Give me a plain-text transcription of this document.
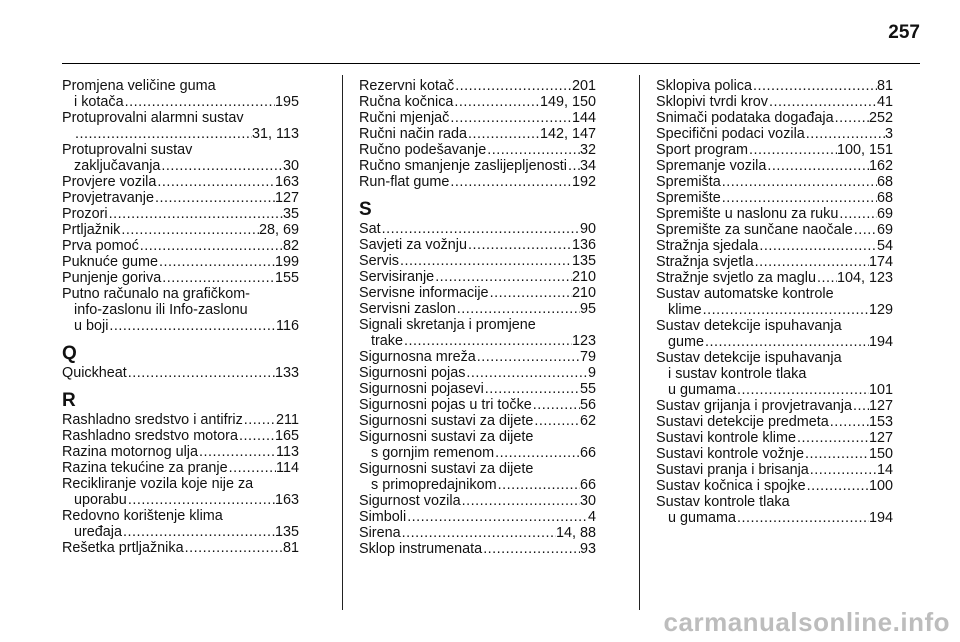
257
Promjena veličine guma
i kotača .....	195
Protuprovalni alarmni sustav
.....
31, 113
Protuprovalni sustav
zaključavanja .....	30
Provjere vozila .....	163
Provjetravanje .....	127
Prozori .....	35
Prtljažnik .....	28, 69
Prva pomoć .....	82
Puknuće gume .....	199
Punjenje goriva .....	155
Putno računalo na grafičkom-
info-zaslonu ili Info-zaslonu
u boji .....	116
Q
Quickheat .....	133
R
Rashladno sredstvo i antifriz ..... 211
Rashladno sredstvo motora .....	165
Razina motornog ulja .....	113
Razina tekućine za pranje .....	114
Recikliranje vozila koje nije za
uporabu .....	163
Redovno korištenje klima
uređaja .....	135
Rešetka prtljažnika .....	81
Rezervni kotač .....	201
Ručna kočnica .....	149, 150
Ručni mjenjač .....	144
Ručni način rada .....	142, 147
Ručno podešavanje .....	32
Ručno smanjenje zaslijepljenosti ..... 34
Run-flat gume .....	192
S
Sat .....	90
Savjeti za vožnju .....	136
Servis .....	135
Servisiranje .....	210
Servisne informacije .....	210
Servisni zaslon .....	95
Signali skretanja i promjene
trake .....	123
Sigurnosna mreža .....	79
Sigurnosni pojas .....	9
Sigurnosni pojasevi .....	55
Sigurnosni pojas u tri točke .....	56
Sigurnosni sustavi za dijete .....	62
Sigurnosni sustavi za dijete
s gornjim remenom .....	66
Sigurnosni sustavi za dijete
s primopredajnikom .....	66
Sigurnost vozila .....	30
Simboli .....	4
Sirena .....	14, 88
Sklop instrumenata .....	93
Sklopiva polica .....	81
Sklopivi tvrdi krov .....	41
Snimači podataka događaja ..... 252
Specifični podaci vozila .....	3
Sport program .....	100, 151
Spremanje vozila .....	162
Spremišta .....	68
Spremište .....	68
Spremište u naslonu za ruku .....	69
Spremište za sunčane naočale ..... 69
Stražnja sjedala .....	54
Stražnja svjetla .....	174
Stražnje svjetlo za maglu ..... 104, 123
Sustav automatske kontrole
klime .....	129
Sustav detekcije ispuhavanja
gume .....	194
Sustav detekcije ispuhavanja
i sustav kontrole tlaka
u gumama .....	101
Sustav grijanja i provjetravanja ..... 127
Sustavi detekcije predmeta .....	153
Sustavi kontrole klime .....	127
Sustavi kontrole vožnje .....	150
Sustavi pranja i brisanja .....	14
Sustav kočnica i spojke .....	100
Sustav kontrole tlaka
u gumama .....	194
carmanualsonline.info
